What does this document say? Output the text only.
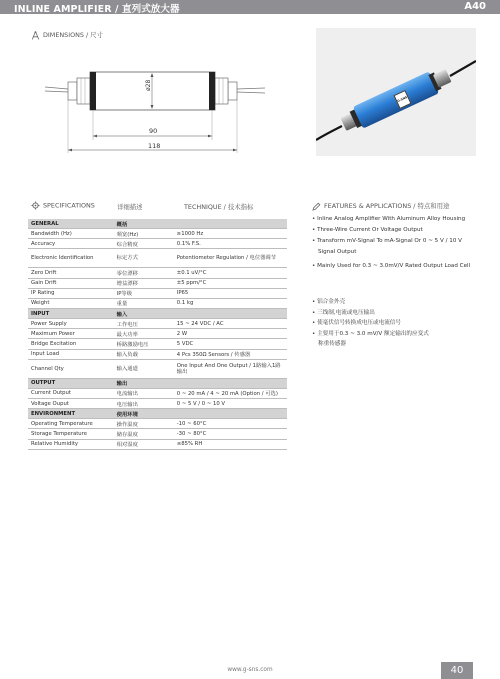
INLINE AMPLIFIER / 直列式放大器	A40
DIMENSIONS / 尺寸
ø28
90
118
G-SNS
SPECIFICATIONS	详细描述	TECHNIQUE / 技术指标
GENERAL	概括	
Bandwidth (Hz)	频宽(Hz)	≥1000 Hz
Accuracy	综合精度	0.1% F.S.
Electronic Identification	标定方式	Potentiometer Regulation / 电位器调节
Zero Drift	零位漂移	±0.1 uV/°C
Gain Drift	增益漂移	±5 ppm/°C
IP Rating	IP等级	IP65
Weight	重量	0.1 kg
INPUT	输入	
Power Supply	工作电压	15 ~ 24 VDC / AC
Maximum Power	最大功率	2 W
Bridge Excitation	桥路激励电压	5 VDC
Input Load	输入负载	4 Pcs 350Ω Sensors / 传感器
Channel Qty	输入通道	One Input And One Output / 1路输入1路输出
OUTPUT	输出	
Current Output	电流输出	0 ~ 20 mA / 4 ~ 20 mA (Option / 可选)
Voltage Ouput	电压输出	0 ~ 5 V / 0 ~ 10 V
ENVIRONMENT	使用环境	
Operating Temperature	操作温度	-10 ~ 60°C
Storage Temperature	储存温度	-30 ~ 80°C
Relative Humidity	相对湿度	≤85% RH
FEATURES & APPLICATIONS / 特点和用途
• Inline Analog Amplifier With Aluminum Alloy Housing
• Three-Wire Current Or Voltage Output
• Transform mV-Signal To mA-Signal Or 0 ~ 5 V / 10 V
Signal Output
• Mainly Used for 0.3 ~ 3.0mV/V Rated Output Load Cell
• 铝合金外壳
• 三线制,电流或电压输出
• 使毫伏信号转换成电压或电流信号
• 主要用于0.3 ~ 3.0 mV/V 额定输出的应变式
称重传感器
www.g-sns.com	40
